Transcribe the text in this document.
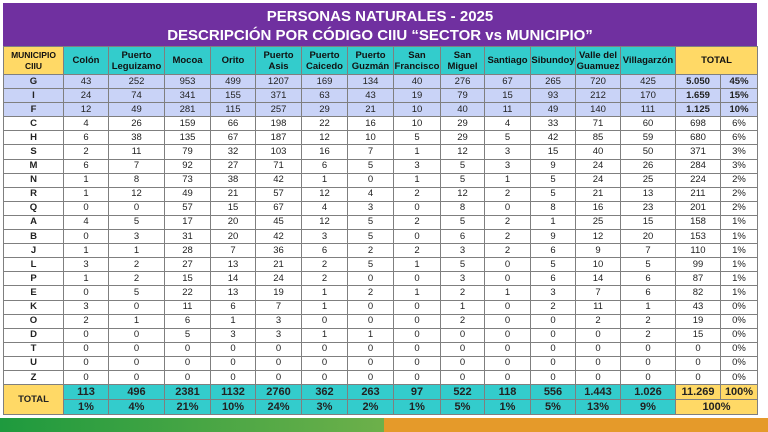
PERSONAS NATURALES - 2025
DESCRIPCIÓN POR CÓDIGO CIIU “SECTOR vs MUNICIPIO”
MUNICIPIO CIIU	Colón	Puerto Leguizamo	Mocoa	Orito	Puerto Asis	Puerto Caicedo	Puerto Guzmán	San Francisco	San Miguel	Santiago	Sibundoy	Valle del Guamuez	Villagarzón	TOTAL	
G	43	252	953	499	1207	169	134	40	276	67	265	720	425	5.050	45%
I	24	74	341	155	371	63	43	19	79	15	93	212	170	1.659	15%
F	12	49	281	115	257	29	21	10	40	11	49	140	111	1.125	10%
C	4	26	159	66	198	22	16	10	29	4	33	71	60	698	6%
H	6	38	135	67	187	12	10	5	29	5	42	85	59	680	6%
S	2	11	79	32	103	16	7	1	12	3	15	40	50	371	3%
M	6	7	92	27	71	6	5	3	5	3	9	24	26	284	3%
N	1	8	73	38	42	1	0	1	5	1	5	24	25	224	2%
R	1	12	49	21	57	12	4	2	12	2	5	21	13	211	2%
Q	0	0	57	15	67	4	3	0	8	0	8	16	23	201	2%
A	4	5	17	20	45	12	5	2	5	2	1	25	15	158	1%
B	0	3	31	20	42	3	5	0	6	2	9	12	20	153	1%
J	1	1	28	7	36	6	2	2	3	2	6	9	7	110	1%
L	3	2	27	13	21	2	5	1	5	0	5	10	5	99	1%
P	1	2	15	14	24	2	0	0	3	0	6	14	6	87	1%
E	0	5	22	13	19	1	2	1	2	1	3	7	6	82	1%
K	3	0	11	6	7	1	0	0	1	0	2	11	1	43	0%
O	2	1	6	1	3	0	0	0	2	0	0	2	2	19	0%
D	0	0	5	3	3	1	1	0	0	0	0	0	2	15	0%
T	0	0	0	0	0	0	0	0	0	0	0	0	0	0	0%
U	0	0	0	0	0	0	0	0	0	0	0	0	0	0	0%
Z	0	0	0	0	0	0	0	0	0	0	0	0	0	0	0%
TOTAL	113	496	2381	1132	2760	362	263	97	522	118	556	1.443	1.026	11.269	100%
	1%	4%	21%	10%	24%	3%	2%	1%	5%	1%	5%	13%	9%	100%	
